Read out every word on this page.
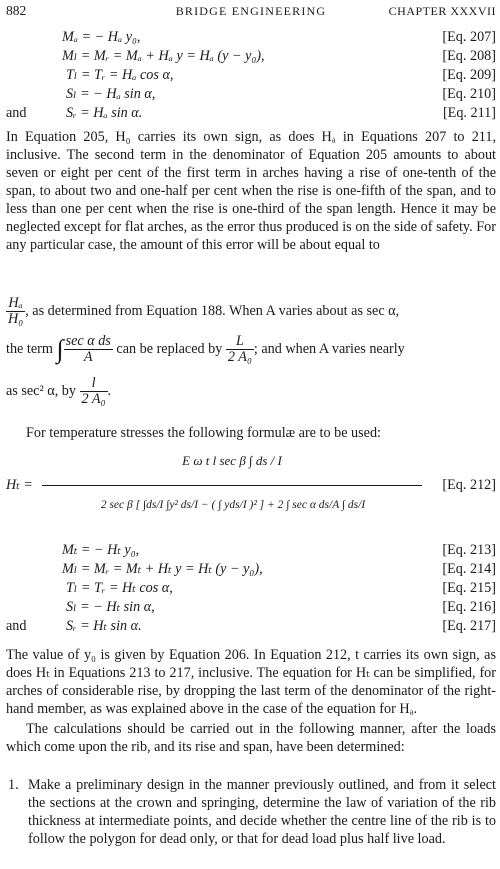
882	BRIDGE ENGINEERING	CHAPTER XXXVII
Mₐ = − Hₐ y₀,	[Eq. 207]
Mₗ = Mᵣ = Mₐ + Hₐ y = Hₐ (y − y₀),	[Eq. 208]
Tₗ = Tᵣ = Hₐ cos α,	[Eq. 209]
Sₗ = − Hₐ sin α,	[Eq. 210]
and	Sᵣ = Hₐ sin α.	[Eq. 211]

In Equation 205, H₀ carries its own sign, as does Hₐ in Equations 207 to 211, inclusive. The second term in the denominator of Equation 205 amounts to about seven or eight per cent of the first term in arches having a rise of one-tenth of the span, to about two and one-half per cent when the rise is one-fifth of the span, and to less than one per cent when the rise is one-third of the span length. Hence it may be neglected except for flat arches, as the error thus produced is on the side of safety. For any particular case, the amount of this error will be about equal to

$\frac{\text{Hₐ}}{\text{H₀}}$ , as determined from Equation 188. When A varies about as sec α,
the term ∫ $\frac{\text{sec α ds}}{A}$ can be replaced by $\frac{L}{\text{2 A₀}}$ ; and when A varies nearly
as sec² α, by $\frac{l}{\text{2 A₀}}$ .

For temperature stresses the following formulæ are to be used:

Hₜ =
E ω t l sec β ∫ ds / I
2 sec β [ ∫ds/I ∫y² ds/I − ( ∫ yds/I )² ] + 2 ∫ sec α ds/A ∫ ds/I
[Eq. 212]
Mₜ = − Hₜ y₀,	[Eq. 213]
Mₗ = Mᵣ = Mₜ + Hₜ y = Hₜ (y − y₀),	[Eq. 214]
Tₗ = Tᵣ = Hₜ cos α,	[Eq. 215]
Sₗ = − Hₜ sin α,	[Eq. 216]
and	Sᵣ = Hₜ sin α.	[Eq. 217]

The value of y₀ is given by Equation 206. In Equation 212, t carries its own sign, as does Hₜ in Equations 213 to 217, inclusive. The equation for Hₜ can be simplified, for arches of considerable rise, by dropping the last term of the denominator of the right-hand member, as was explained above in the case of the equation for Hₐ.

The calculations should be carried out in the following manner, after the loads which come upon the rib, and its rise and span, have been determined:

1. Make a preliminary design in the manner previously outlined, and from it select the sections at the crown and springing, determine the law of variation of the rib thickness at intermediate points, and decide whether the centre line of the rib is to follow the polygon for dead only, or that for dead load plus half live load.
